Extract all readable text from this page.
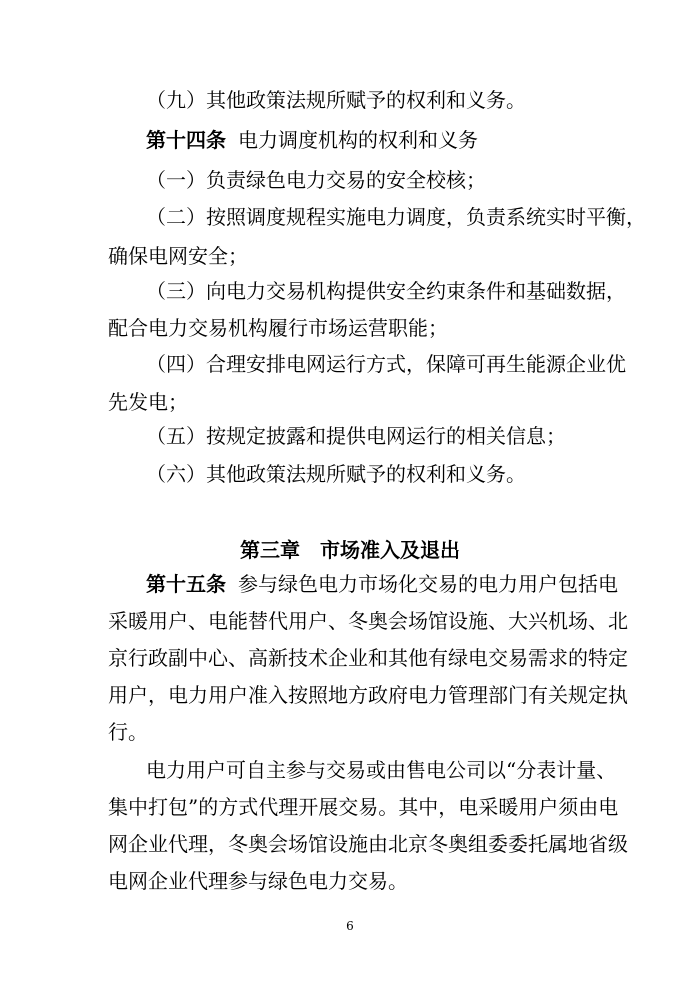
（九）其他政策法规所赋予的权利和义务。
第十四条 电力调度机构的权利和义务
（一）负责绿色电力交易的安全校核；
（二）按照调度规程实施电力调度，负责系统实时平衡，
确保电网安全；
（三）向电力交易机构提供安全约束条件和基础数据，
配合电力交易机构履行市场运营职能；
（四）合理安排电网运行方式，保障可再生能源企业优
先发电；
（五）按规定披露和提供电网运行的相关信息；
（六）其他政策法规所赋予的权利和义务。
第三章　市场准入及退出
第十五条 参与绿色电力市场化交易的电力用户包括电
采暖用户、电能替代用户、冬奥会场馆设施、大兴机场、北
京行政副中心、高新技术企业和其他有绿电交易需求的特定
用户，电力用户准入按照地方政府电力管理部门有关规定执
行。
电力用户可自主参与交易或由售电公司以“分表计量、
集中打包”的方式代理开展交易。其中，电采暖用户须由电
网企业代理，冬奥会场馆设施由北京冬奥组委委托属地省级
电网企业代理参与绿色电力交易。
6
